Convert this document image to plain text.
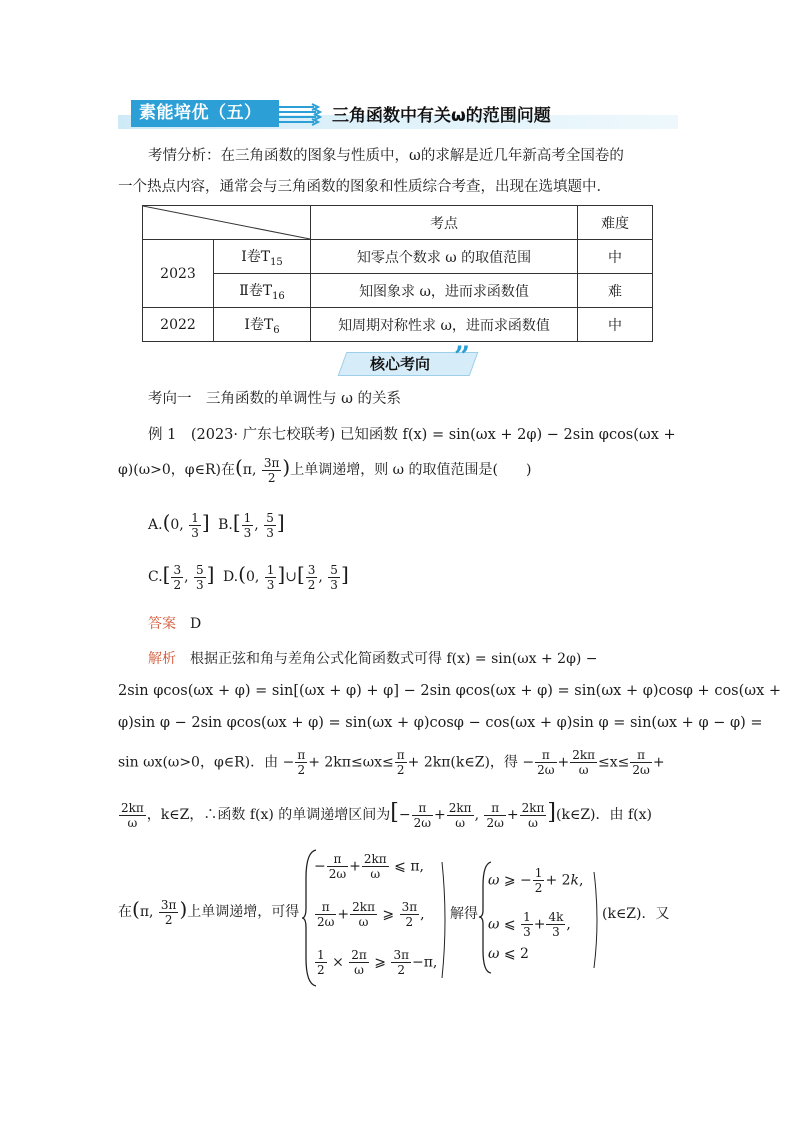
素能培优（五）	三角函数中有关ω的范围问题

考情分析：在三角函数的图象与性质中，ω的求解是近几年新高考全国卷的

一个热点内容，通常会与三角函数的图象和性质综合考查，出现在选填题中．

	考点	难度
2023	Ⅰ卷$T_{15}$	知零点个数求 ω 的取值范围	中
	Ⅱ卷$T_{16}$	知图象求 ω，进而求函数值	难
2022	Ⅰ卷$T_6$	知周期对称性求 ω，进而求函数值	中
核心考向 ”

考向一　三角函数的单调性与 ω 的关系

例 1　(2023· 广东七校联考) 已知函数 f(x) = sin(ωx + 2φ) − 2sin φcos(ωx +

φ)(ω>0，φ∈R)在(π, $\frac{3\pi}{2}$ )上单调递增，则 ω 的取值范围是(　　)
A.(0, $\frac{1}{3}$ ] $B.[ \frac{1}{3}$ , $\frac{5}{3}$ ]
$C.[ \frac{3}{2}$ , $\frac{5}{3}$ ] D.(0, $\frac{1}{3}$ ]∪[ $\frac{3}{2}$ , $\frac{5}{3}$ ]
答案　 D
解析　 根据正弦和角与差角公式化简函数式可得 f(x) = sin(ωx + 2φ) −

2sin φcos(ωx + φ) = sin[(ωx + φ) + φ] − 2sin φcos(ωx + φ) = sin(ωx + φ)cosφ + cos(ωx +

φ)sin φ − 2sin φcos(ωx + φ) = sin(ωx + φ)cosφ − cos(ωx + φ)sin φ = sin(ωx + φ − φ) =

sin ωx(ω>0，φ∈R)．由 − $\frac{\pi}{2} + 2k\pi\le\omega x\le \frac{\pi}{2}$ + 2kπ(k∈Z)，得 − $\frac{\pi}{2\omega} + \frac{2k\pi}{\omega} \le x\le \frac{\pi}{2\omega}$ +
$\frac{2k\pi}{\omega}$ ，k∈Z，∴函数 f(x) 的单调递增区间为[− $\frac{\pi}{2\omega} + \frac{2k\pi}{\omega}$ , $\frac{\pi}{2\omega} + \frac{2k\pi}{\omega}$ ](k∈Z)．由 f(x)
在(π, $\frac{3\pi}{2}$ )上单调递增，可得
− $\frac{\pi}{2\omega} + \frac{2k\pi}{\omega}$ ⩽ π,
$\frac{\pi}{2\omega} + \frac{2k\pi}{\omega}$ ⩾ $\frac{3\pi}{2}$ ,
$\frac{1}{2} \times \frac{2\pi}{\omega}$ ⩾ $\frac{3\pi}{2} -\pi$,
解得
ω ⩾ − $\frac{1}{2} + 2k$,
ω ⩽ $\frac{1}{3} + \frac{4k}{3}$ ,
ω ⩽ 2
(k∈Z)．又
